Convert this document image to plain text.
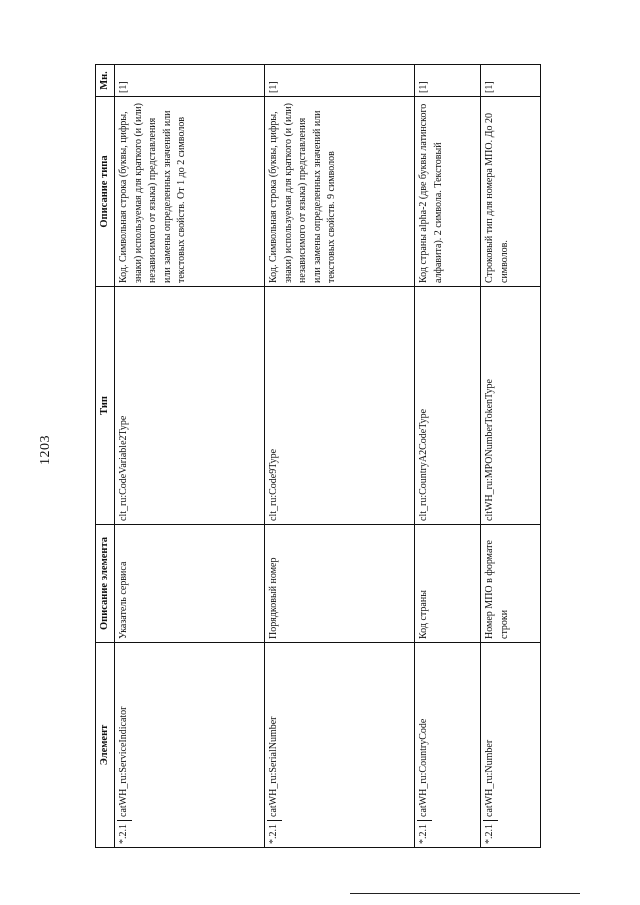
1203
Элемент	Описание элемента	Тип	Описание типа	Мн.
*.2.1catWH_ru:ServiceIndicator	Указатель сервиса	clt_ru:CodeVariable2Type	Код. Символьная строка (буквы, цифры, знаки) используемая для краткого (и (или) независимого от языка) представления или замены определенных значений или текстовых свойств. От 1 до 2 символов	[1]
*.2.1catWH_ru:SerialNumber	Порядковый номер	clt_ru:Code9Type	Код. Символьная строка (буквы, цифры, знаки) используемая для краткого (и (или) независимого от языка) представления или замены определенных значений или текстовых свойств. 9 символов	[1]
*.2.1catWH_ru:CountryCode	Код страны	clt_ru:CountryA2CodeType	Код страны alpha-2 (две буквы латинского алфавита). 2 символа. Текстовый	[1]
*.2.1catWH_ru:Number	Номер МПО в формате строки	cltWH_ru:MPONumberTokenType	Строковый тип для номера МПО. До 20 символов.	[1]
